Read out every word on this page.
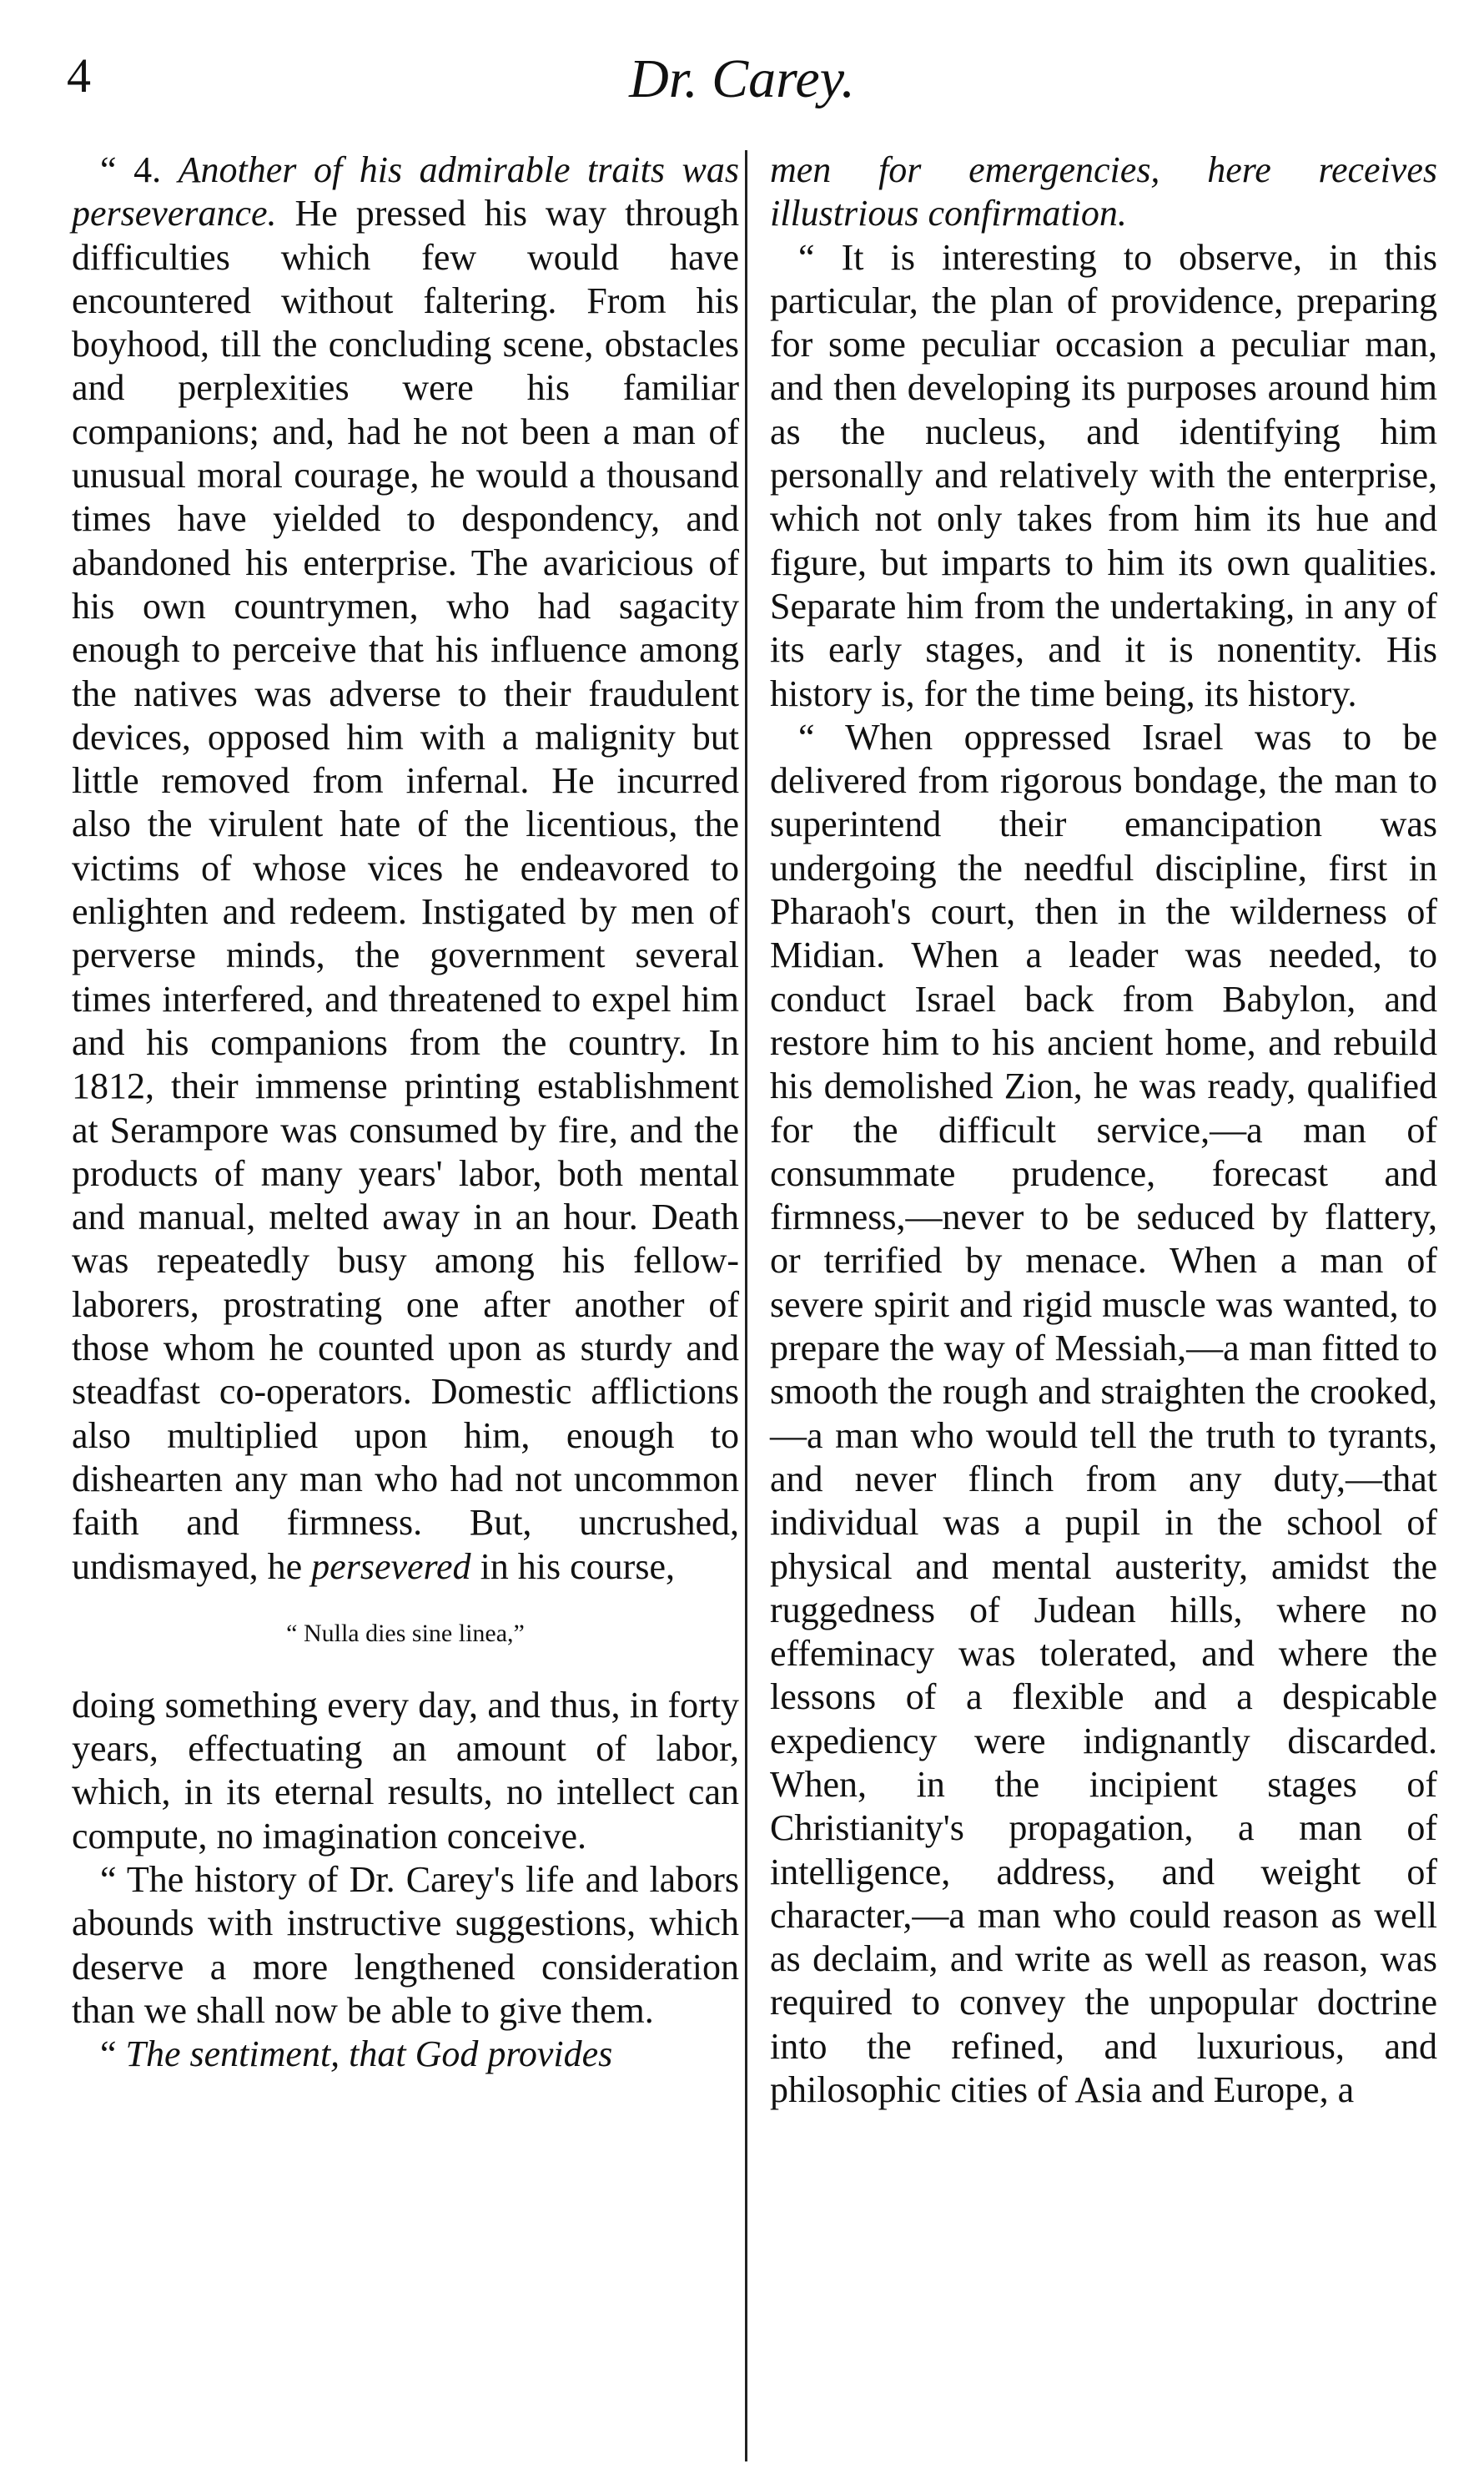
4	Dr. Carey.

“ 4. Another of his admirable traits was perseverance. He pressed his way through difficulties which few would have encountered without faltering. From his boyhood, till the concluding scene, obstacles and perplexities were his familiar companions; and, had he not been a man of unusual moral courage, he would a thousand times have yielded to despondency, and abandoned his enterprise. The avaricious of his own countrymen, who had sagacity enough to perceive that his influence among the natives was adverse to their fraudulent devices, opposed him with a malignity but little removed from infernal. He incurred also the virulent hate of the licentious, the victims of whose vices he endeavored to enlighten and redeem. Instigated by men of perverse minds, the government several times interfered, and threatened to expel him and his companions from the country. In 1812, their immense printing establishment at Serampore was consumed by fire, and the products of many years' labor, both mental and manual, melted away in an hour. Death was repeatedly busy among his fellow-laborers, prostrating one after another of those whom he counted upon as sturdy and steadfast co-operators. Domestic afflictions also multiplied upon him, enough to dishearten any man who had not uncommon faith and firmness. But, uncrushed, undismayed, he persevered in his course,

“ Nulla dies sine linea,”

doing something every day, and thus, in forty years, effectuating an amount of labor, which, in its eternal results, no intellect can compute, no imagination conceive.

“ The history of Dr. Carey's life and labors abounds with instructive suggestions, which deserve a more lengthened consideration than we shall now be able to give them.

“ The sentiment, that God provides

men for emergencies, here receives illustrious confirmation.

“ It is interesting to observe, in this particular, the plan of providence, preparing for some peculiar occasion a peculiar man, and then developing its purposes around him as the nucleus, and identifying him personally and relatively with the enterprise, which not only takes from him its hue and figure, but imparts to him its own qualities. Separate him from the undertaking, in any of its early stages, and it is nonentity. His history is, for the time being, its history.

“ When oppressed Israel was to be delivered from rigorous bondage, the man to superintend their emancipation was undergoing the needful discipline, first in Pharaoh's court, then in the wilderness of Midian. When a leader was needed, to conduct Israel back from Babylon, and restore him to his ancient home, and rebuild his demolished Zion, he was ready, qualified for the difficult service,—a man of consummate prudence, forecast and firmness,—never to be seduced by flattery, or terrified by menace. When a man of severe spirit and rigid muscle was wanted, to prepare the way of Messiah,—a man fitted to smooth the rough and straighten the crooked,—a man who would tell the truth to tyrants, and never flinch from any duty,—that individual was a pupil in the school of physical and mental austerity, amidst the ruggedness of Judean hills, where no effeminacy was tolerated, and where the lessons of a flexible and a despicable expediency were indignantly discarded. When, in the incipient stages of Christianity's propagation, a man of intelligence, address, and weight of character,—a man who could reason as well as declaim, and write as well as reason, was required to convey the unpopular doctrine into the refined, and luxurious, and philosophic cities of Asia and Europe, a
